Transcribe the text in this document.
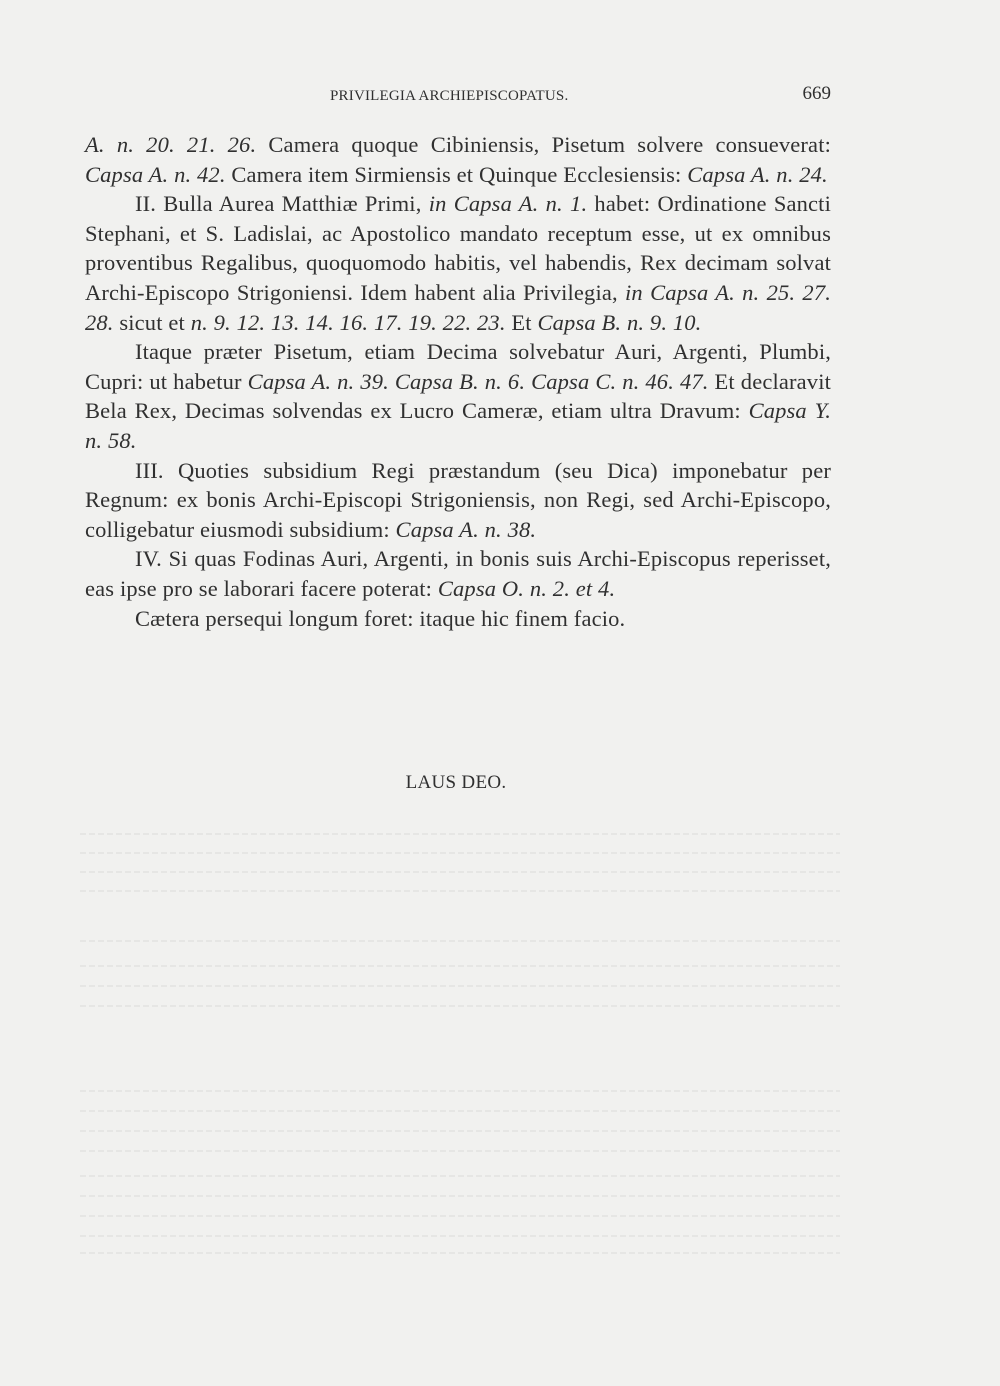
PRIVILEGIA ARCHIEPISCOPATUS.	669

A. n. 20. 21. 26. Camera quoque Cibiniensis, Pisetum solvere consueverat: Capsa A. n. 42. Camera item Sirmiensis et Quinque Ecclesiensis: Capsa A. n. 24.

II. Bulla Aurea Matthiæ Primi, in Capsa A. n. 1. habet: Ordinatione Sancti Stephani, et S. Ladislai, ac Apostolico mandato receptum esse, ut ex omnibus proventibus Regalibus, quoquomodo habitis, vel habendis, Rex decimam solvat Archi-Episcopo Strigoniensi. Idem habent alia Privilegia, in Capsa A. n. 25. 27. 28. sicut et n. 9. 12. 13. 14. 16. 17. 19. 22. 23. Et Capsa B. n. 9. 10.

Itaque præter Pisetum, etiam Decima solvebatur Auri, Argenti, Plumbi, Cupri: ut habetur Capsa A. n. 39. Capsa B. n. 6. Capsa C. n. 46. 47. Et declaravit Bela Rex, Decimas solvendas ex Lucro Cameræ, etiam ultra Dravum: Capsa Y. n. 58.

III. Quoties subsidium Regi præstandum (seu Dica) imponebatur per Regnum: ex bonis Archi-Episcopi Strigoniensis, non Regi, sed Archi-Episcopo, colligebatur eiusmodi subsidium: Capsa A. n. 38.

IV. Si quas Fodinas Auri, Argenti, in bonis suis Archi-Episcopus reperisset, eas ipse pro se laborari facere poterat: Capsa O. n. 2. et 4.

Cætera persequi longum foret: itaque hic finem facio.

LAUS DEO.
